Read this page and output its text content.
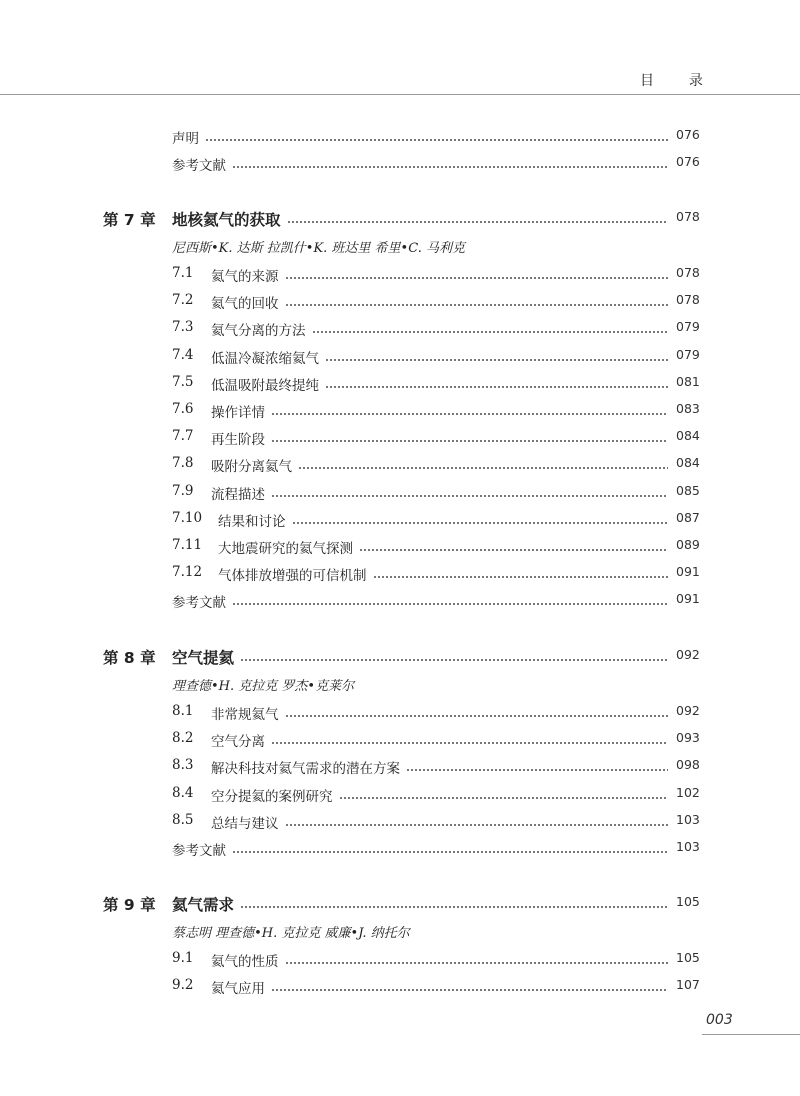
目 录
声明	076
参考文献	076
第 7 章 地核氦气的获取	078
尼西斯•K. 达斯 拉凯什•K. 班达里 希里•C. 马利克
7.1 氦气的来源	078
7.2 氦气的回收	078
7.3 氦气分离的方法	079
7.4 低温冷凝浓缩氦气	079
7.5 低温吸附最终提纯	081
7.6 操作详情	083
7.7 再生阶段	084
7.8 吸附分离氦气	084
7.9 流程描述	085
7.10 结果和讨论	087
7.11 大地震研究的氦气探测	089
7.12 气体排放增强的可信机制	091
参考文献	091
第 8 章 空气提氦	092
理查德•H. 克拉克 罗杰•克莱尔
8.1 非常规氦气	092
8.2 空气分离	093
8.3 解决科技对氦气需求的潜在方案	098
8.4 空分提氦的案例研究	102
8.5 总结与建议	103
参考文献	103
第 9 章 氦气需求	105
蔡志明 理查德•H. 克拉克 威廉•J. 纳托尔
9.1 氦气的性质	105
9.2 氦气应用	107
003
